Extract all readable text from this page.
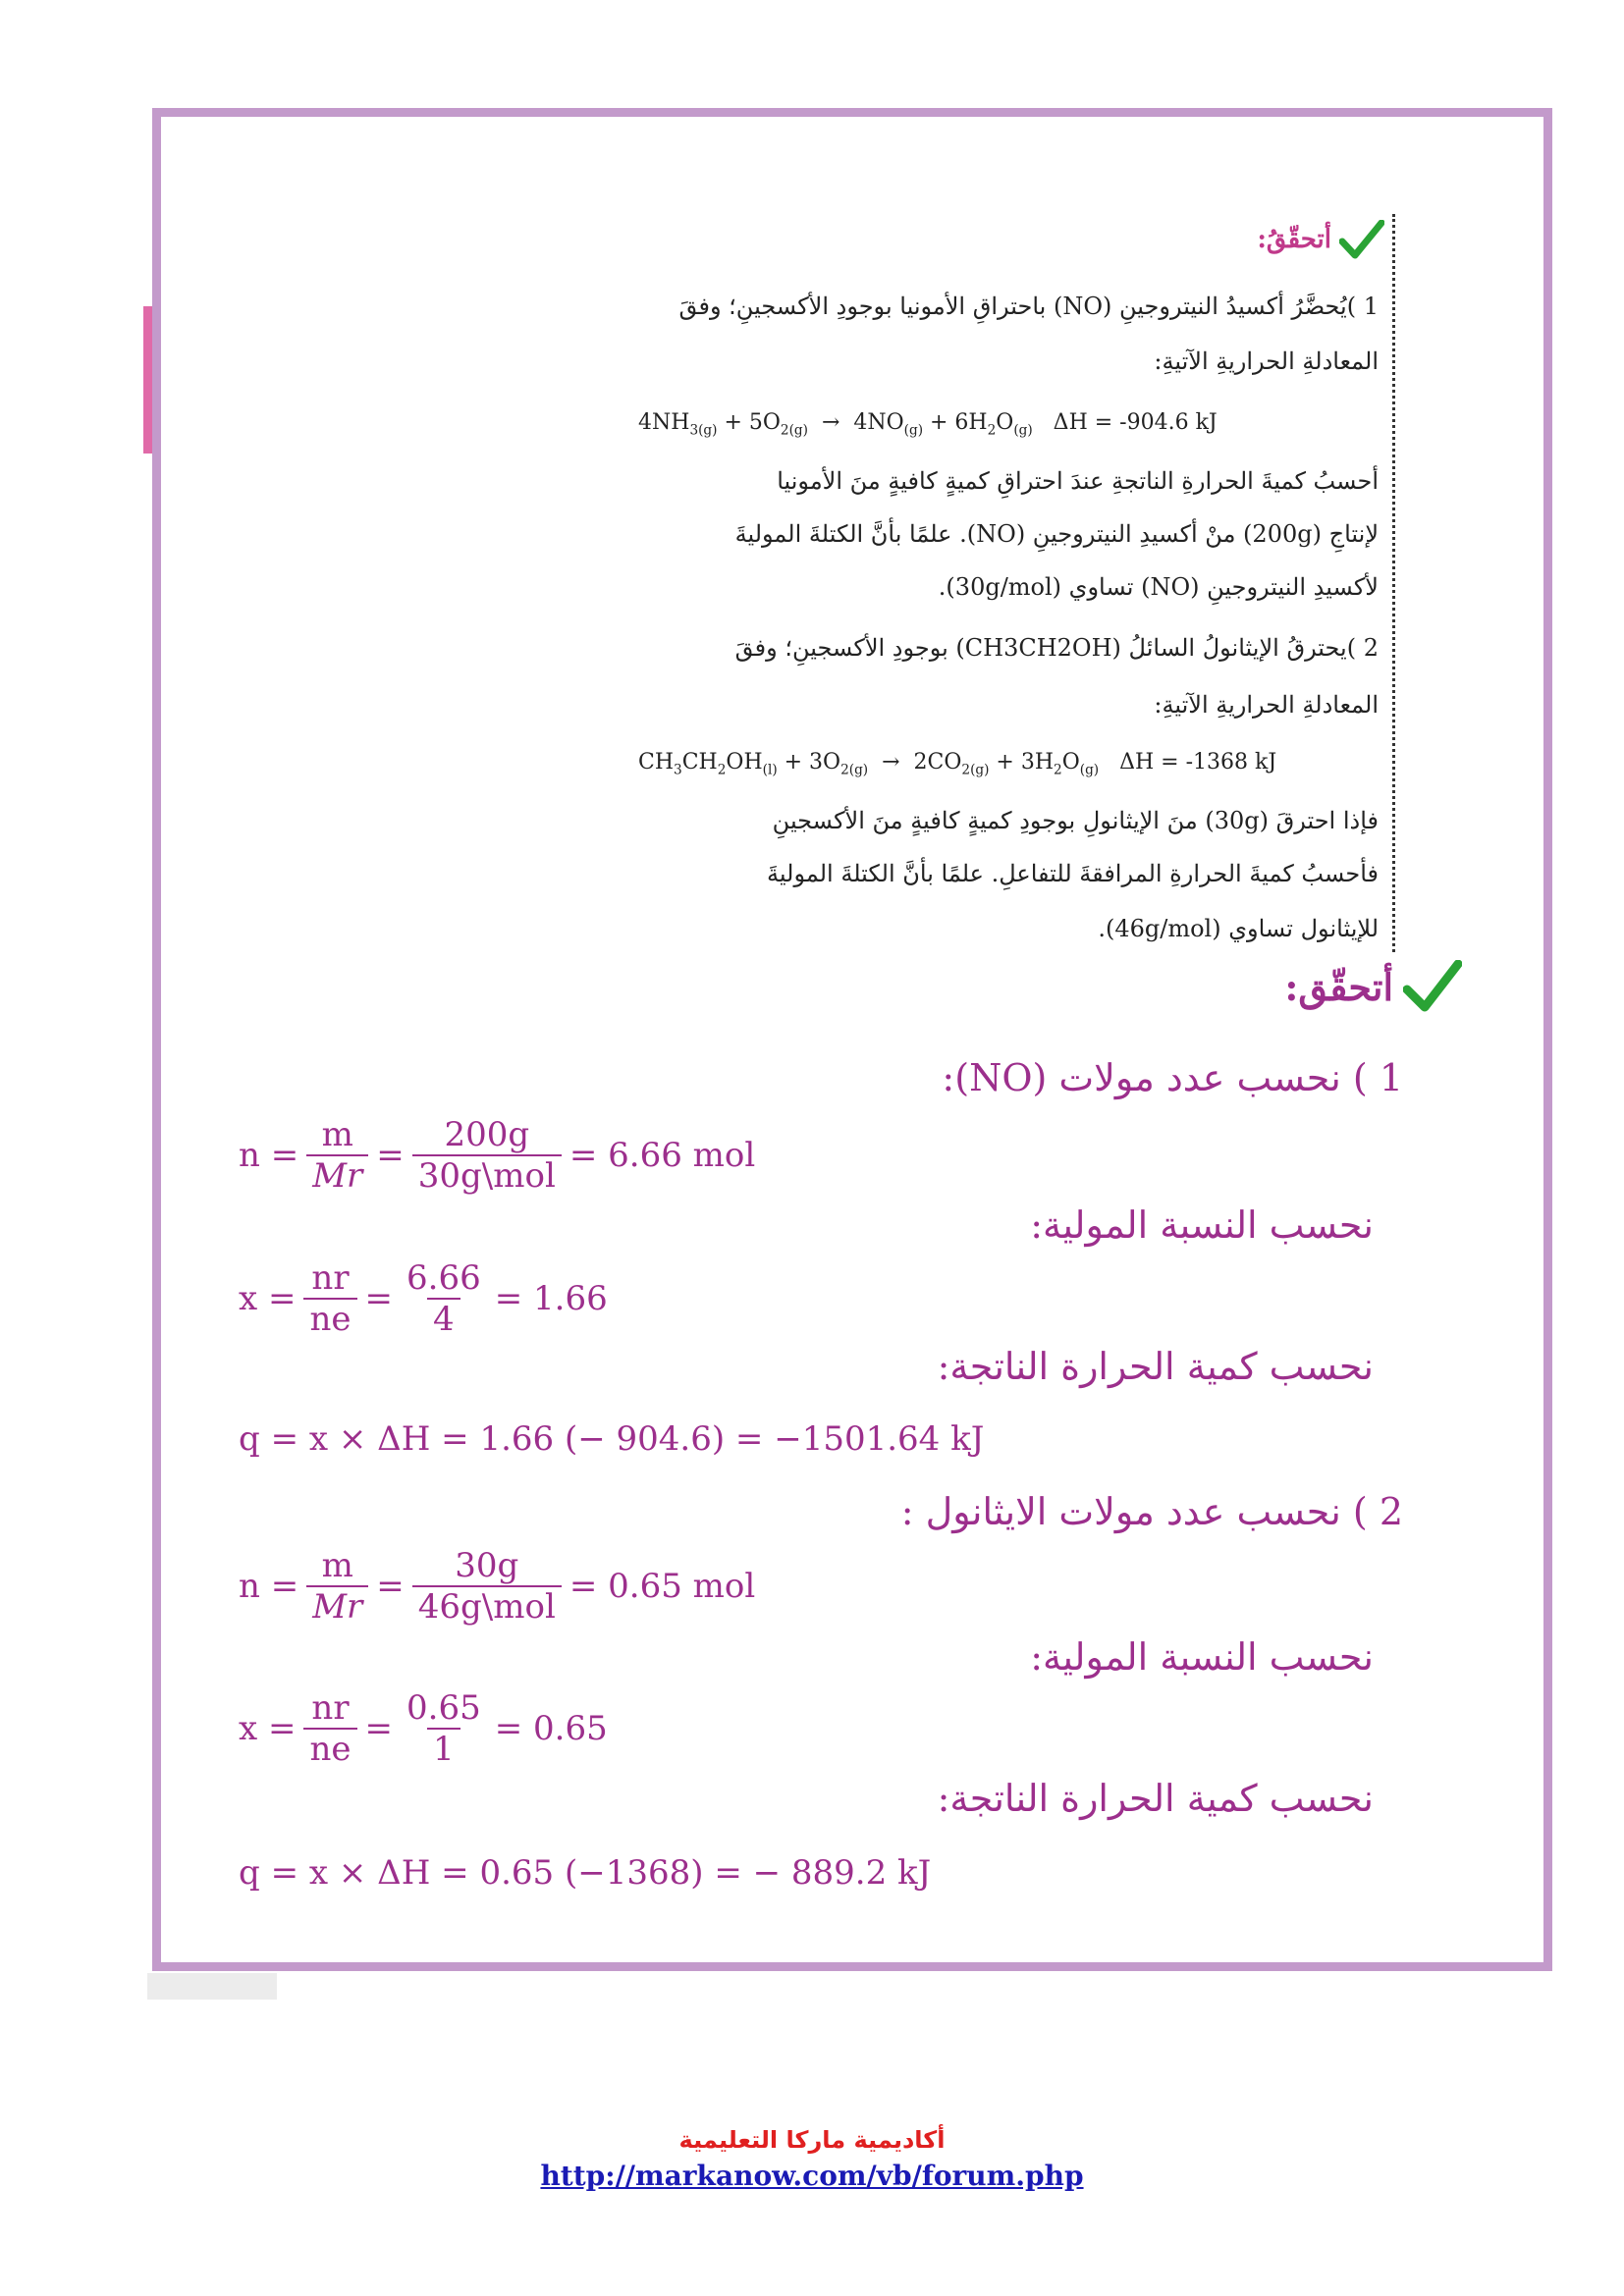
أتحقّقُ:
1 )يُحضَّرُ أكسيدُ النيتروجينِ (NO) باحتراقِ الأمونيا بوجودِ الأكسجينِ؛ وفقَ
المعادلةِ الحراريةِ الآتيةِ:
$4NH_{3(g)} + 5O_{2(g)} \to 4NO_{(g)} + 6H_2O_{(g)}$   ΔH = -904.6 kJ
أحسبُ كميةَ الحرارةِ الناتجةِ عندَ احتراقِ كميةٍ كافيةٍ منَ الأمونيا
لإنتاجِ (200g) منْ أكسيدِ النيتروجينِ (NO). علمًا بأنَّ الكتلةَ الموليةَ
لأكسيدِ النيتروجينِ (NO) تساوي (30g/mol).
2 )يحترقُ الإيثانولُ السائلُ (CH3CH2OH) بوجودِ الأكسجينِ؛ وفقَ
المعادلةِ الحراريةِ الآتيةِ:
$CH_3CH_2OH_{(l)} + 3O_{2(g)} \to 2CO_{2(g)} + 3H_2O_{(g)}$   ΔH = -1368 kJ
فإذا احترقَ (30g) منَ الإيثانولِ بوجودِ كميةٍ كافيةٍ منَ الأكسجينِ
فأحسبُ كميةَ الحرارةِ المرافقةَ للتفاعلِ. علمًا بأنَّ الكتلةَ الموليةَ
للإيثانول تساوي (46g/mol).
أتحقّق:
1 ) نحسب عدد مولات (NO):
$n = \frac{m}{Mr} = \frac{200g}{\text{30g\textbackslash{}mol}} = 6.66$ mol
نحسب النسبة المولية:
$x = \frac{nr}{ne} = \frac{6.66}{4} = 1.66$
نحسب كمية الحرارة الناتجة:
q = x × ΔH = 1.66 (− 904.6) = −1501.64 kJ
2 ) نحسب عدد مولات الايثانول :
$n = \frac{m}{Mr} = \frac{30g}{\text{46g\textbackslash{}mol}} = 0.65$ mol
نحسب النسبة المولية:
$x = \frac{nr}{ne} = \frac{0.65}{1} = 0.65$
نحسب كمية الحرارة الناتجة:
q = x × ΔH = 0.65 (−1368) = − 889.2 kJ
أكاديمية ماركا التعليمية
http://markanow.com/vb/forum.php
